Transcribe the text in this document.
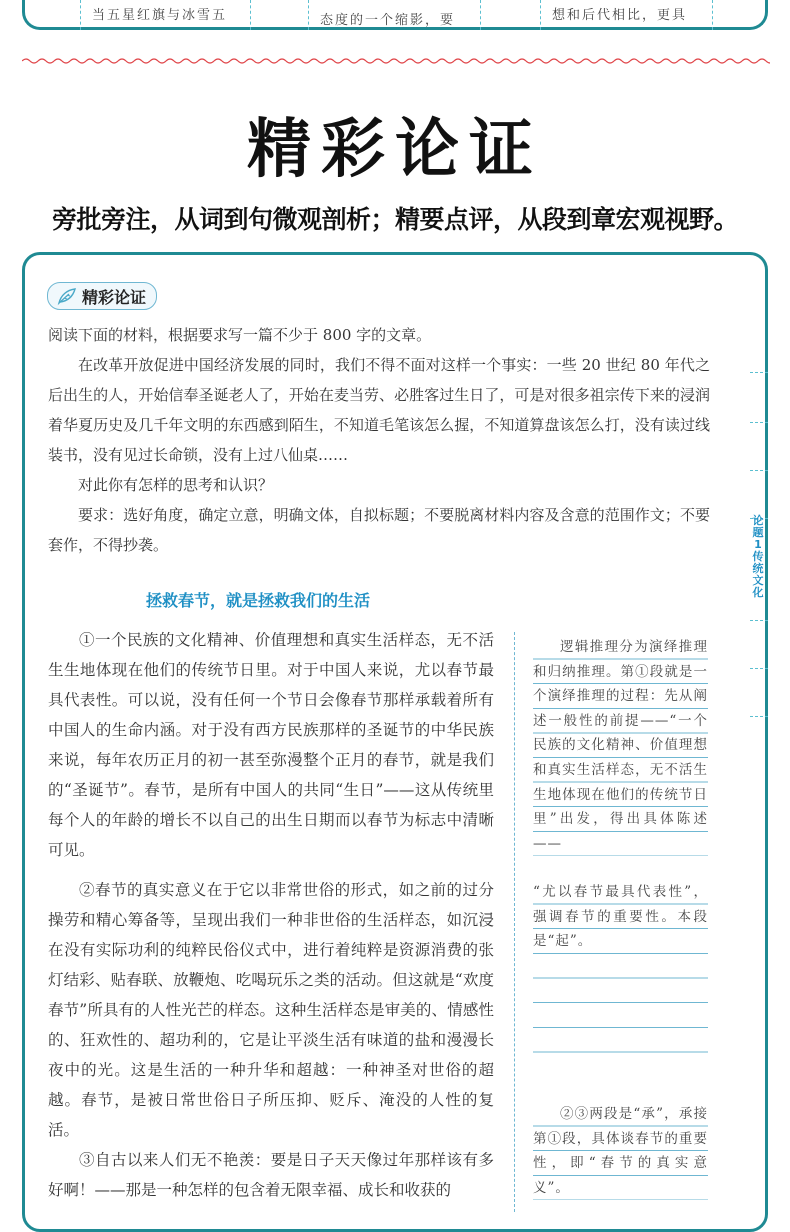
当五星红旗与冰雪五	态度的一个缩影，要	想和后代相比，更具
精彩论证
旁批旁注，从词到句微观剖析；精要点评，从段到章宏观视野。
精彩论证

阅读下面的材料，根据要求写一篇不少于 800 字的文章。

在改革开放促进中国经济发展的同时，我们不得不面对这样一个事实：一些 20 世纪 80 年代之后出生的人，开始信奉圣诞老人了，开始在麦当劳、必胜客过生日了，可是对很多祖宗传下来的浸润着华夏历史及几千年文明的东西感到陌生，不知道毛笔该怎么握，不知道算盘该怎么打，没有读过线装书，没有见过长命锁，没有上过八仙桌……

对此你有怎样的思考和认识？

要求：选好角度，确定立意，明确文体，自拟标题；不要脱离材料内容及含意的范围作文；不要套作，不得抄袭。

拯救春节，就是拯救我们的生活

①一个民族的文化精神、价值理想和真实生活样态，无不活生生地体现在他们的传统节日里。对于中国人来说，尤以春节最具代表性。可以说，没有任何一个节日会像春节那样承载着所有中国人的生命内涵。对于没有西方民族那样的圣诞节的中华民族来说，每年农历正月的初一甚至弥漫整个正月的春节，就是我们的“圣诞节”。春节，是所有中国人的共同“生日”——这从传统里每个人的年龄的增长不以自己的出生日期而以春节为标志中清晰可见。

②春节的真实意义在于它以非常世俗的形式，如之前的过分操劳和精心筹备等，呈现出我们一种非世俗的生活样态，如沉浸在没有实际功利的纯粹民俗仪式中，进行着纯粹是资源消费的张灯结彩、贴春联、放鞭炮、吃喝玩乐之类的活动。但这就是“欢度春节”所具有的人性光芒的样态。这种生活样态是审美的、情感性的、狂欢性的、超功利的，它是让平淡生活有味道的盐和漫漫长夜中的光。这是生活的一种升华和超越：一种神圣对世俗的超越。春节，是被日常世俗日子所压抑、贬斥、淹没的人性的复活。

③自古以来人们无不艳羡：要是日子天天像过年那样该有多好啊！——那是一种怎样的包含着无限幸福、成长和收获的

逻辑推理分为演绎推理和归纳推理。第①段就是一个演绎推理的过程：先从阐述一般性的前提——“一个民族的文化精神、价值理想和真实生活样态，无不活生生地体现在他们的传统节日里”出发，得出具体陈述——

“尤以春节最具代表性”，强调春节的重要性。本段是“起”。

②③两段是“承”，承接第①段，具体谈春节的重要性，即“春节的真实意义”。

论题1 传统文化
